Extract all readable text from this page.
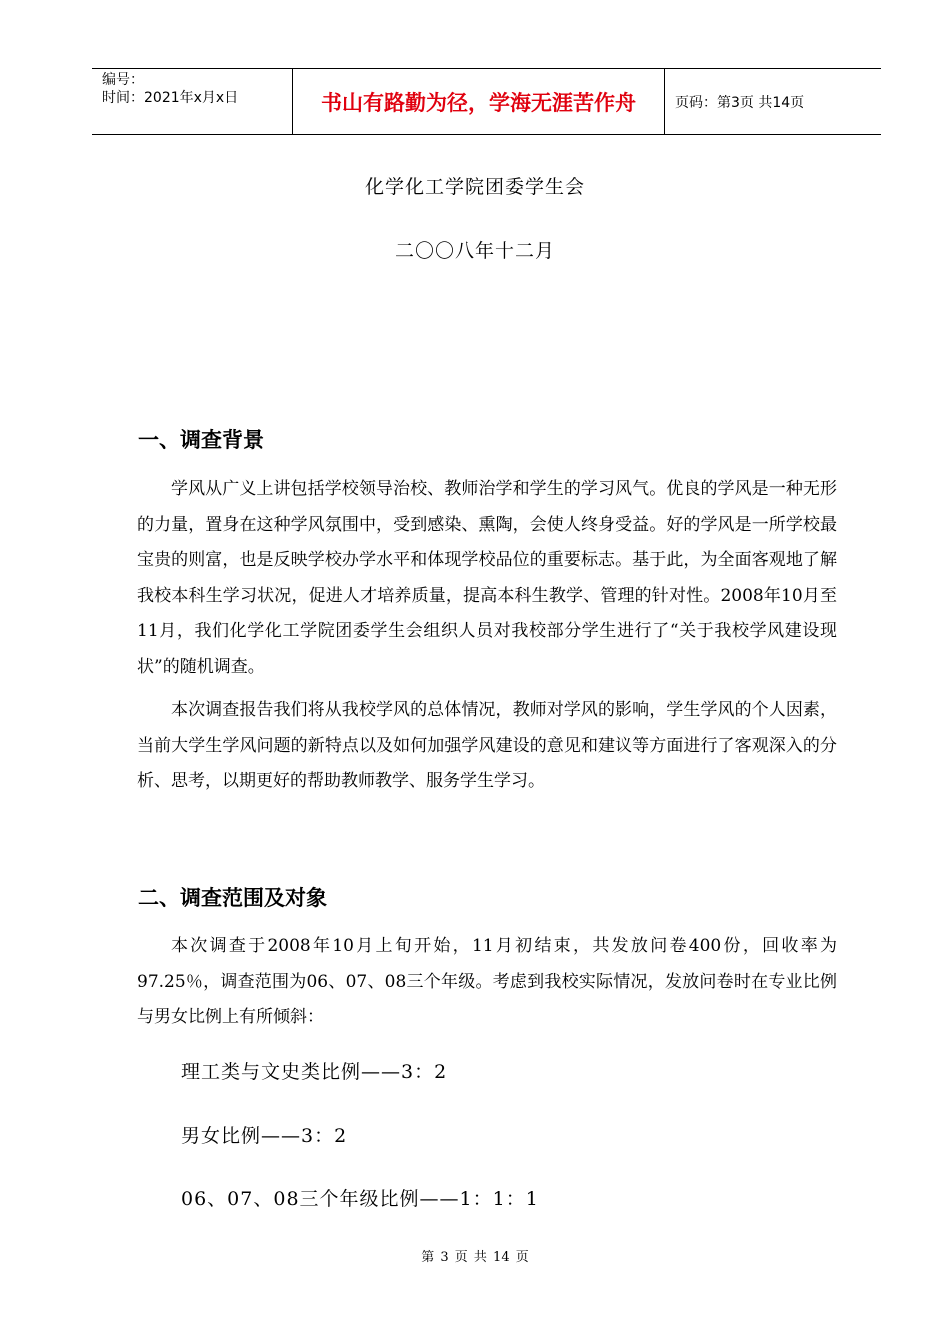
编号：
时间：2021年x月x日	书山有路勤为径，学海无涯苦作舟	页码：第3页 共14页
化学化工学院团委学生会
二〇〇八年十二月
一、调查背景

学风从广义上讲包括学校领导治校、教师治学和学生的学习风气。优良的学风是一种无形的力量，置身在这种学风氛围中，受到感染、熏陶，会使人终身受益。好的学风是一所学校最宝贵的则富，也是反映学校办学水平和体现学校品位的重要标志。基于此，为全面客观地了解我校本科生学习状况，促进人才培养质量，提高本科生教学、管理的针对性。2008年10月至11月，我们化学化工学院团委学生会组织人员对我校部分学生进行了“关于我校学风建设现状”的随机调查。

本次调查报告我们将从我校学风的总体情况，教师对学风的影响，学生学风的个人因素，当前大学生学风问题的新特点以及如何加强学风建设的意见和建议等方面进行了客观深入的分析、思考，以期更好的帮助教师教学、服务学生学习。

二、调查范围及对象

本次调查于2008年10月上旬开始，11月初结束，共发放问卷400份，回收率为97.25％，调查范围为06、07、08三个年级。考虑到我校实际情况，发放问卷时在专业比例与男女比例上有所倾斜：

理工类与文史类比例——3：2
男女比例——3：2
06、07、08三个年级比例——1：1：1
第 3 页 共 14 页
